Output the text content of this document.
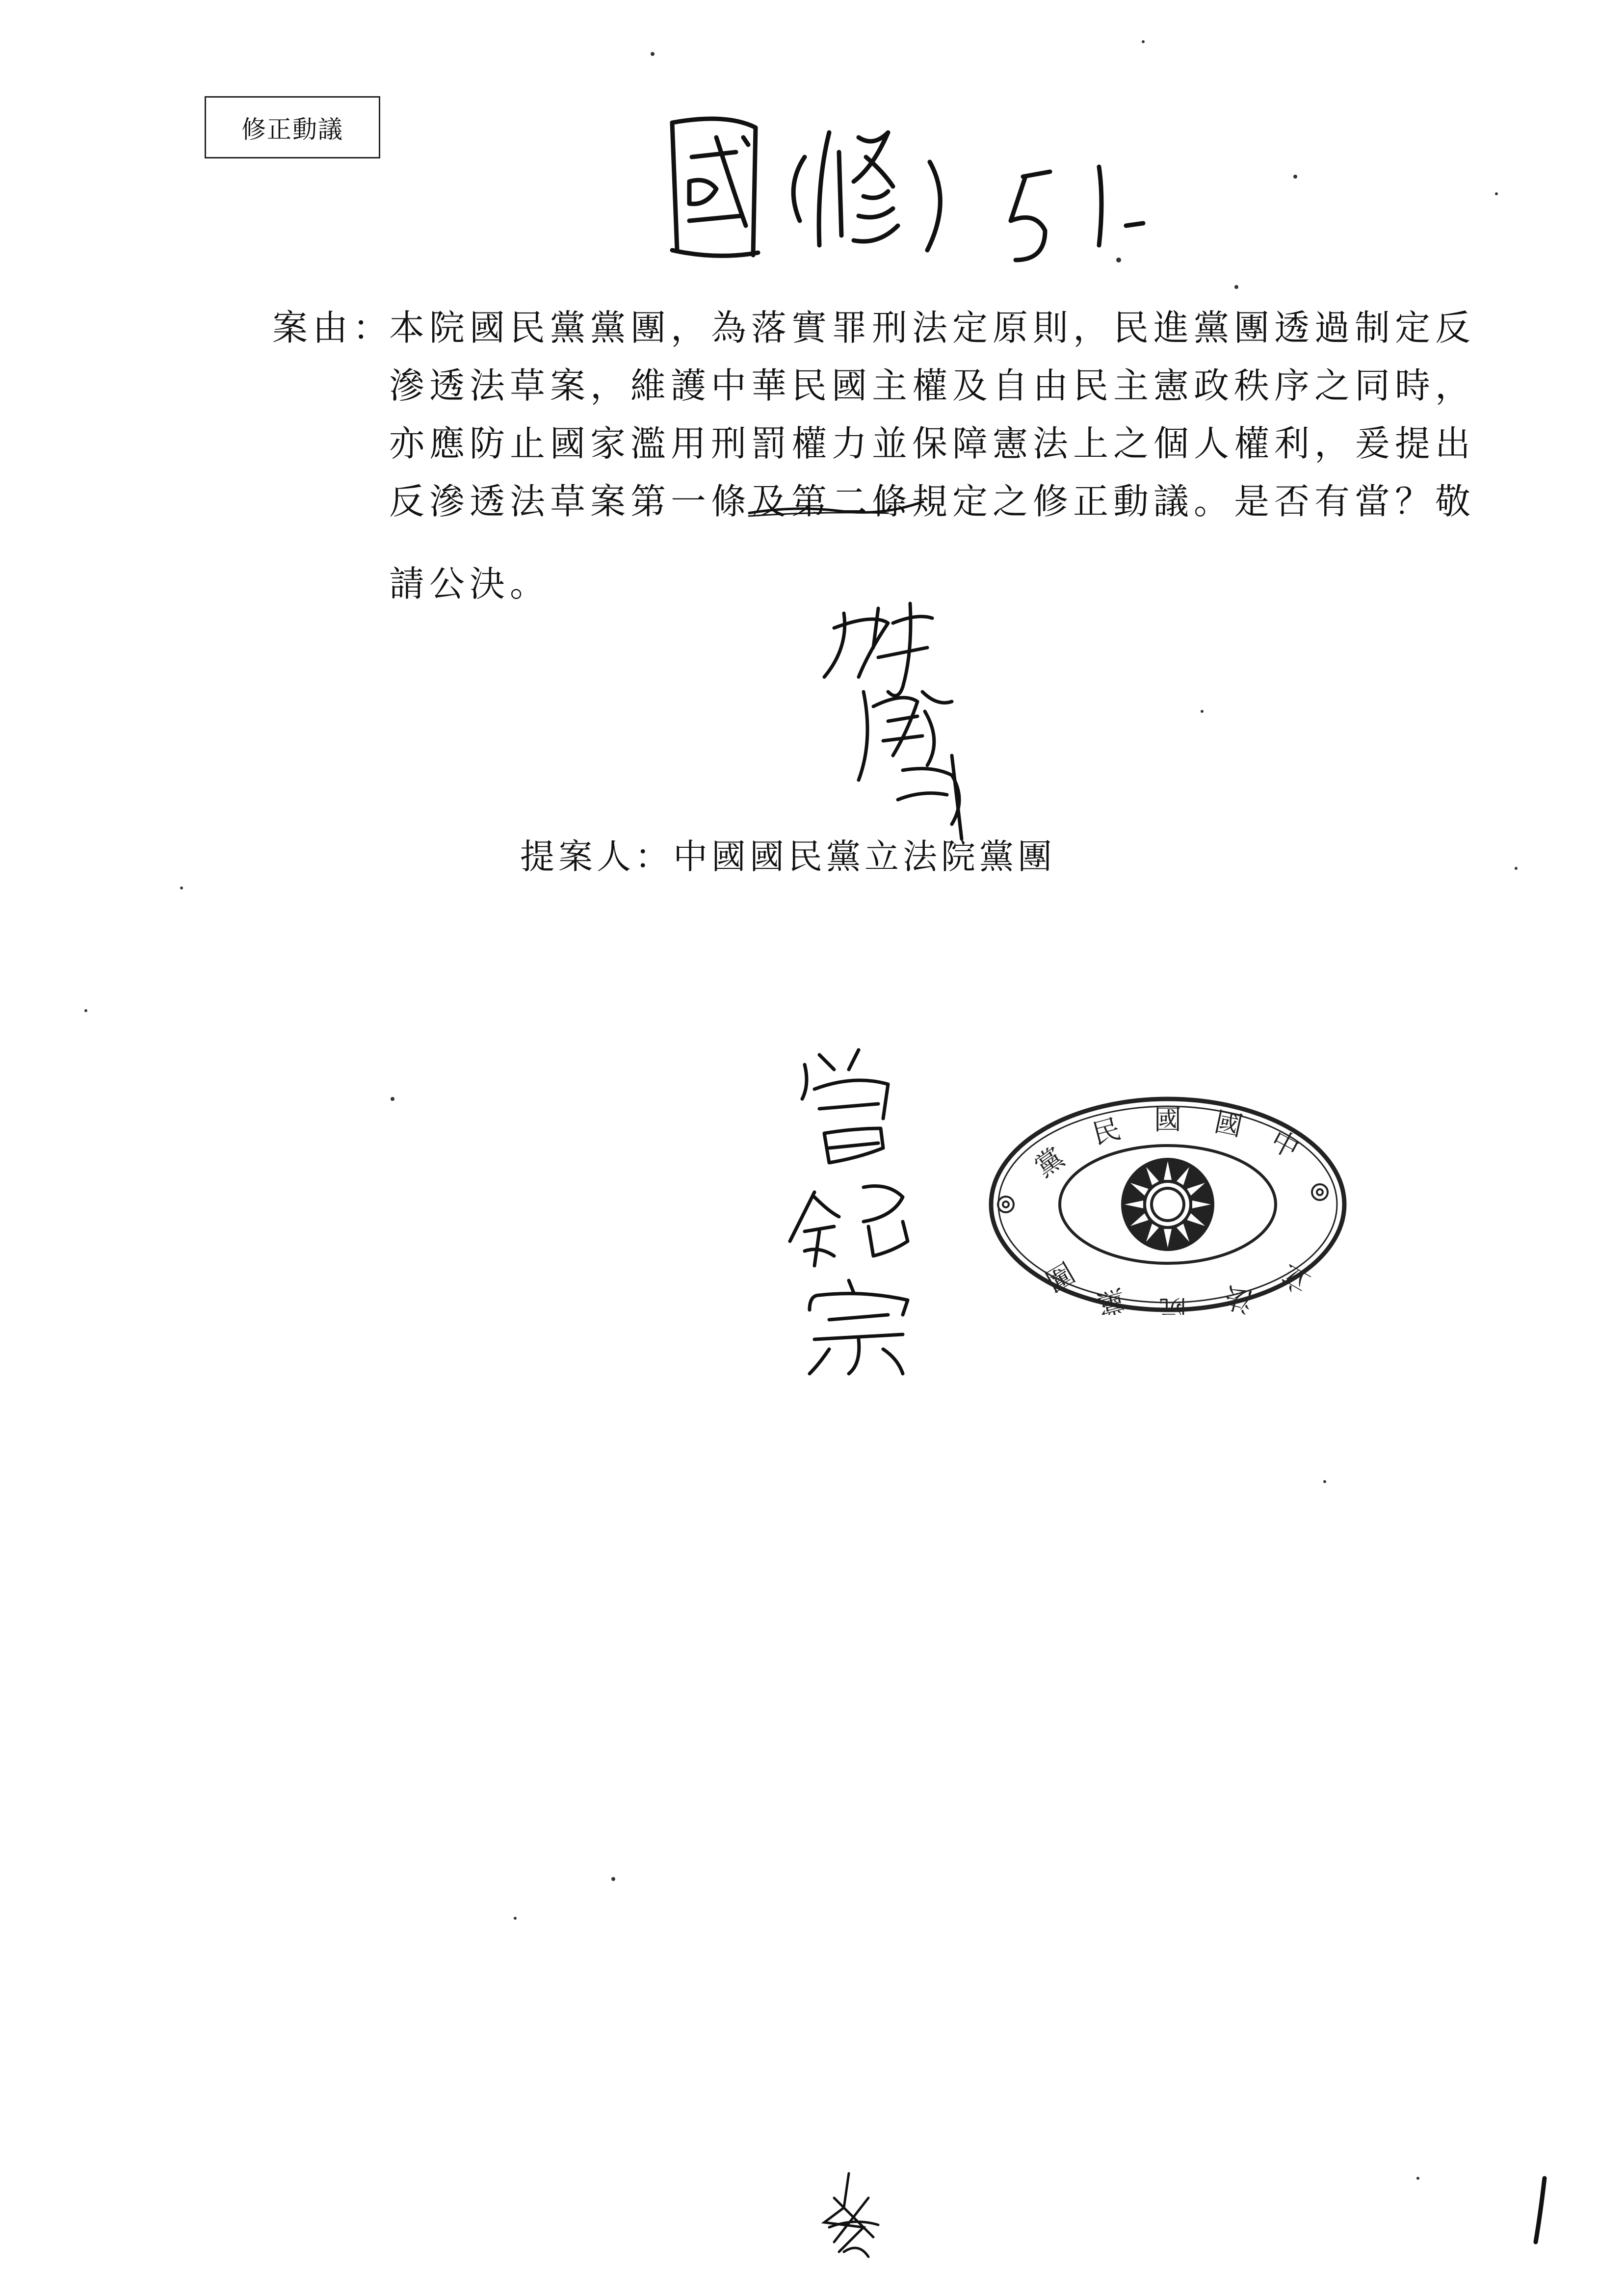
修正動議
案由：
本院國民黨黨團，為落實罪刑法定原則，民進黨團透過制定反
滲透法草案，維護中華民國主權及自由民主憲政秩序之同時，
亦應防止國家濫用刑罰權力並保障憲法上之個人權利，爰提出
反滲透法草案第一條及第二條
規定之修正動議。是否有當？敬
請公決。
提案人：中國國民黨立法院黨團
民 國 國 中
黨
立
法
院
黨
團
